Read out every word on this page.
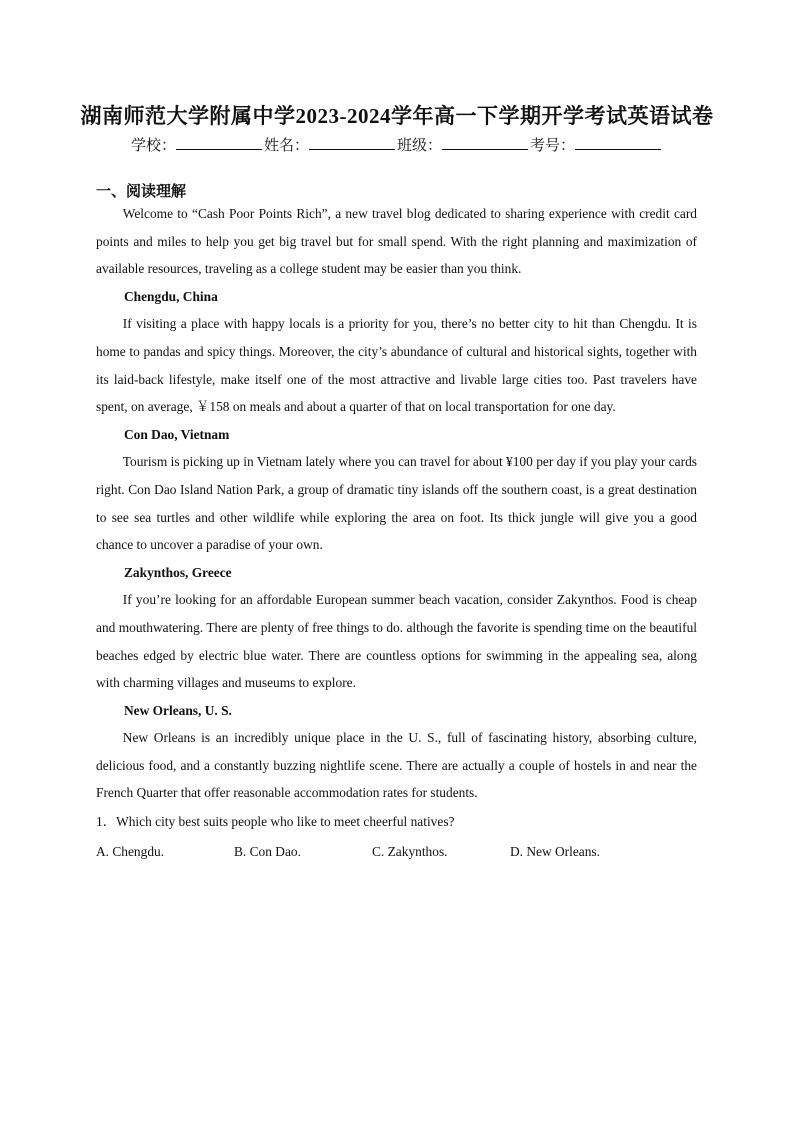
湖南师范大学附属中学2023-2024学年高一下学期开学考试英语试卷
学校：	姓名：	班级：	考号：
一、阅读理解

Welcome to “Cash Poor Points Rich”, a new travel blog dedicated to sharing experience with credit card points and miles to help you get big travel but for small spend. With the right planning and maximization of available resources, traveling as a college student may be easier than you think.

Chengdu, China

If visiting a place with happy locals is a priority for you, there’s no better city to hit than Chengdu. It is home to pandas and spicy things. Moreover, the city’s abundance of cultural and historical sights, together with its laid-back lifestyle, make itself one of the most attractive and livable large cities too. Past travelers have spent, on average, ￥158 on meals and about a quarter of that on local transportation for one day.

Con Dao, Vietnam

Tourism is picking up in Vietnam lately where you can travel for about ¥100 per day if you play your cards right. Con Dao Island Nation Park, a group of dramatic tiny islands off the southern coast, is a great destination to see sea turtles and other wildlife while exploring the area on foot. Its thick jungle will give you a good chance to uncover a paradise of your own.

Zakynthos, Greece

If you’re looking for an affordable European summer beach vacation, consider Zakynthos. Food is cheap and mouthwatering. There are plenty of free things to do. although the favorite is spending time on the beautiful beaches edged by electric blue water. There are countless options for swimming in the appealing sea, along with charming villages and museums to explore.

New Orleans, U. S.

New Orleans is an incredibly unique place in the U. S., full of fascinating history, absorbing culture, delicious food, and a constantly buzzing nightlife scene. There are actually a couple of hostels in and near the French Quarter that offer reasonable accommodation rates for students.

1．Which city best suits people who like to meet cheerful natives?
A. Chengdu.	B. Con Dao.	C. Zakynthos.	D. New Orleans.
